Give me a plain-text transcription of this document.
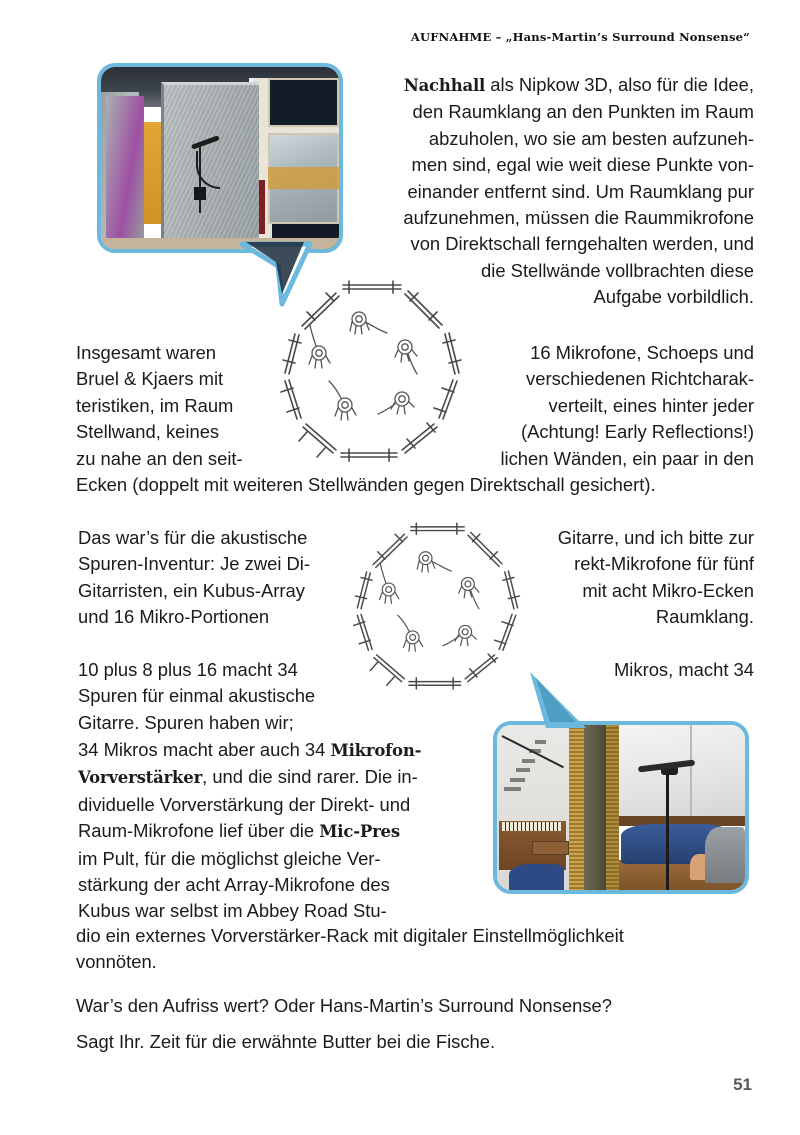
AUFNAHME – „Hans-Martin’s Surround Nonsense“
Nachhall als Nipkow 3D, also für die Idee,
den Raumklang an den Punkten im Raum
abzuholen, wo sie am besten aufzuneh-
men sind, egal wie weit diese Punkte von-
einander entfernt sind. Um Raumklang pur
aufzunehmen, müssen die Raummikrofone
von Direktschall ferngehalten werden, und
die Stellwände vollbrachten diese
Aufgabe vorbildlich.
Insgesamt waren
Bruel & Kjaers mit
teristiken, im Raum
Stellwand, keines
zu nahe an den seit-
16 Mikrofone, Schoeps und
verschiedenen Richtcharak-
verteilt, eines hinter jeder
(Achtung! Early Reflections!)
lichen Wänden, ein paar in den
Ecken (doppelt mit weiteren Stellwänden gegen Direktschall gesichert).
Das war’s für die akustische
Spuren-Inventur: Je zwei Di-
Gitarristen, ein Kubus-Array
und 16 Mikro-Portionen
Gitarre, und ich bitte zur
rekt-Mikrofone für fünf
mit acht Mikro-Ecken
Raumklang.
10 plus 8 plus 16 macht 34
Spuren für einmal akustische
Gitarre. Spuren haben wir;
Mikros, macht 34
34 Mikros macht aber auch 34 Mikrofon-
Vorverstärker, und die sind rarer. Die in-
dividuelle Vorverstärkung der Direkt- und
Raum-Mikrofone lief über die Mic-Pres
im Pult, für die möglichst gleiche Ver-
stärkung der acht Array-Mikrofone des
Kubus war selbst im Abbey Road Stu-
dio ein externes Vorverstärker-Rack mit digitaler Einstellmöglichkeit
vonnöten.
War’s den Aufriss wert? Oder Hans-Martin’s Surround Nonsense?
Sagt Ihr. Zeit für die erwähnte Butter bei die Fische.
51
